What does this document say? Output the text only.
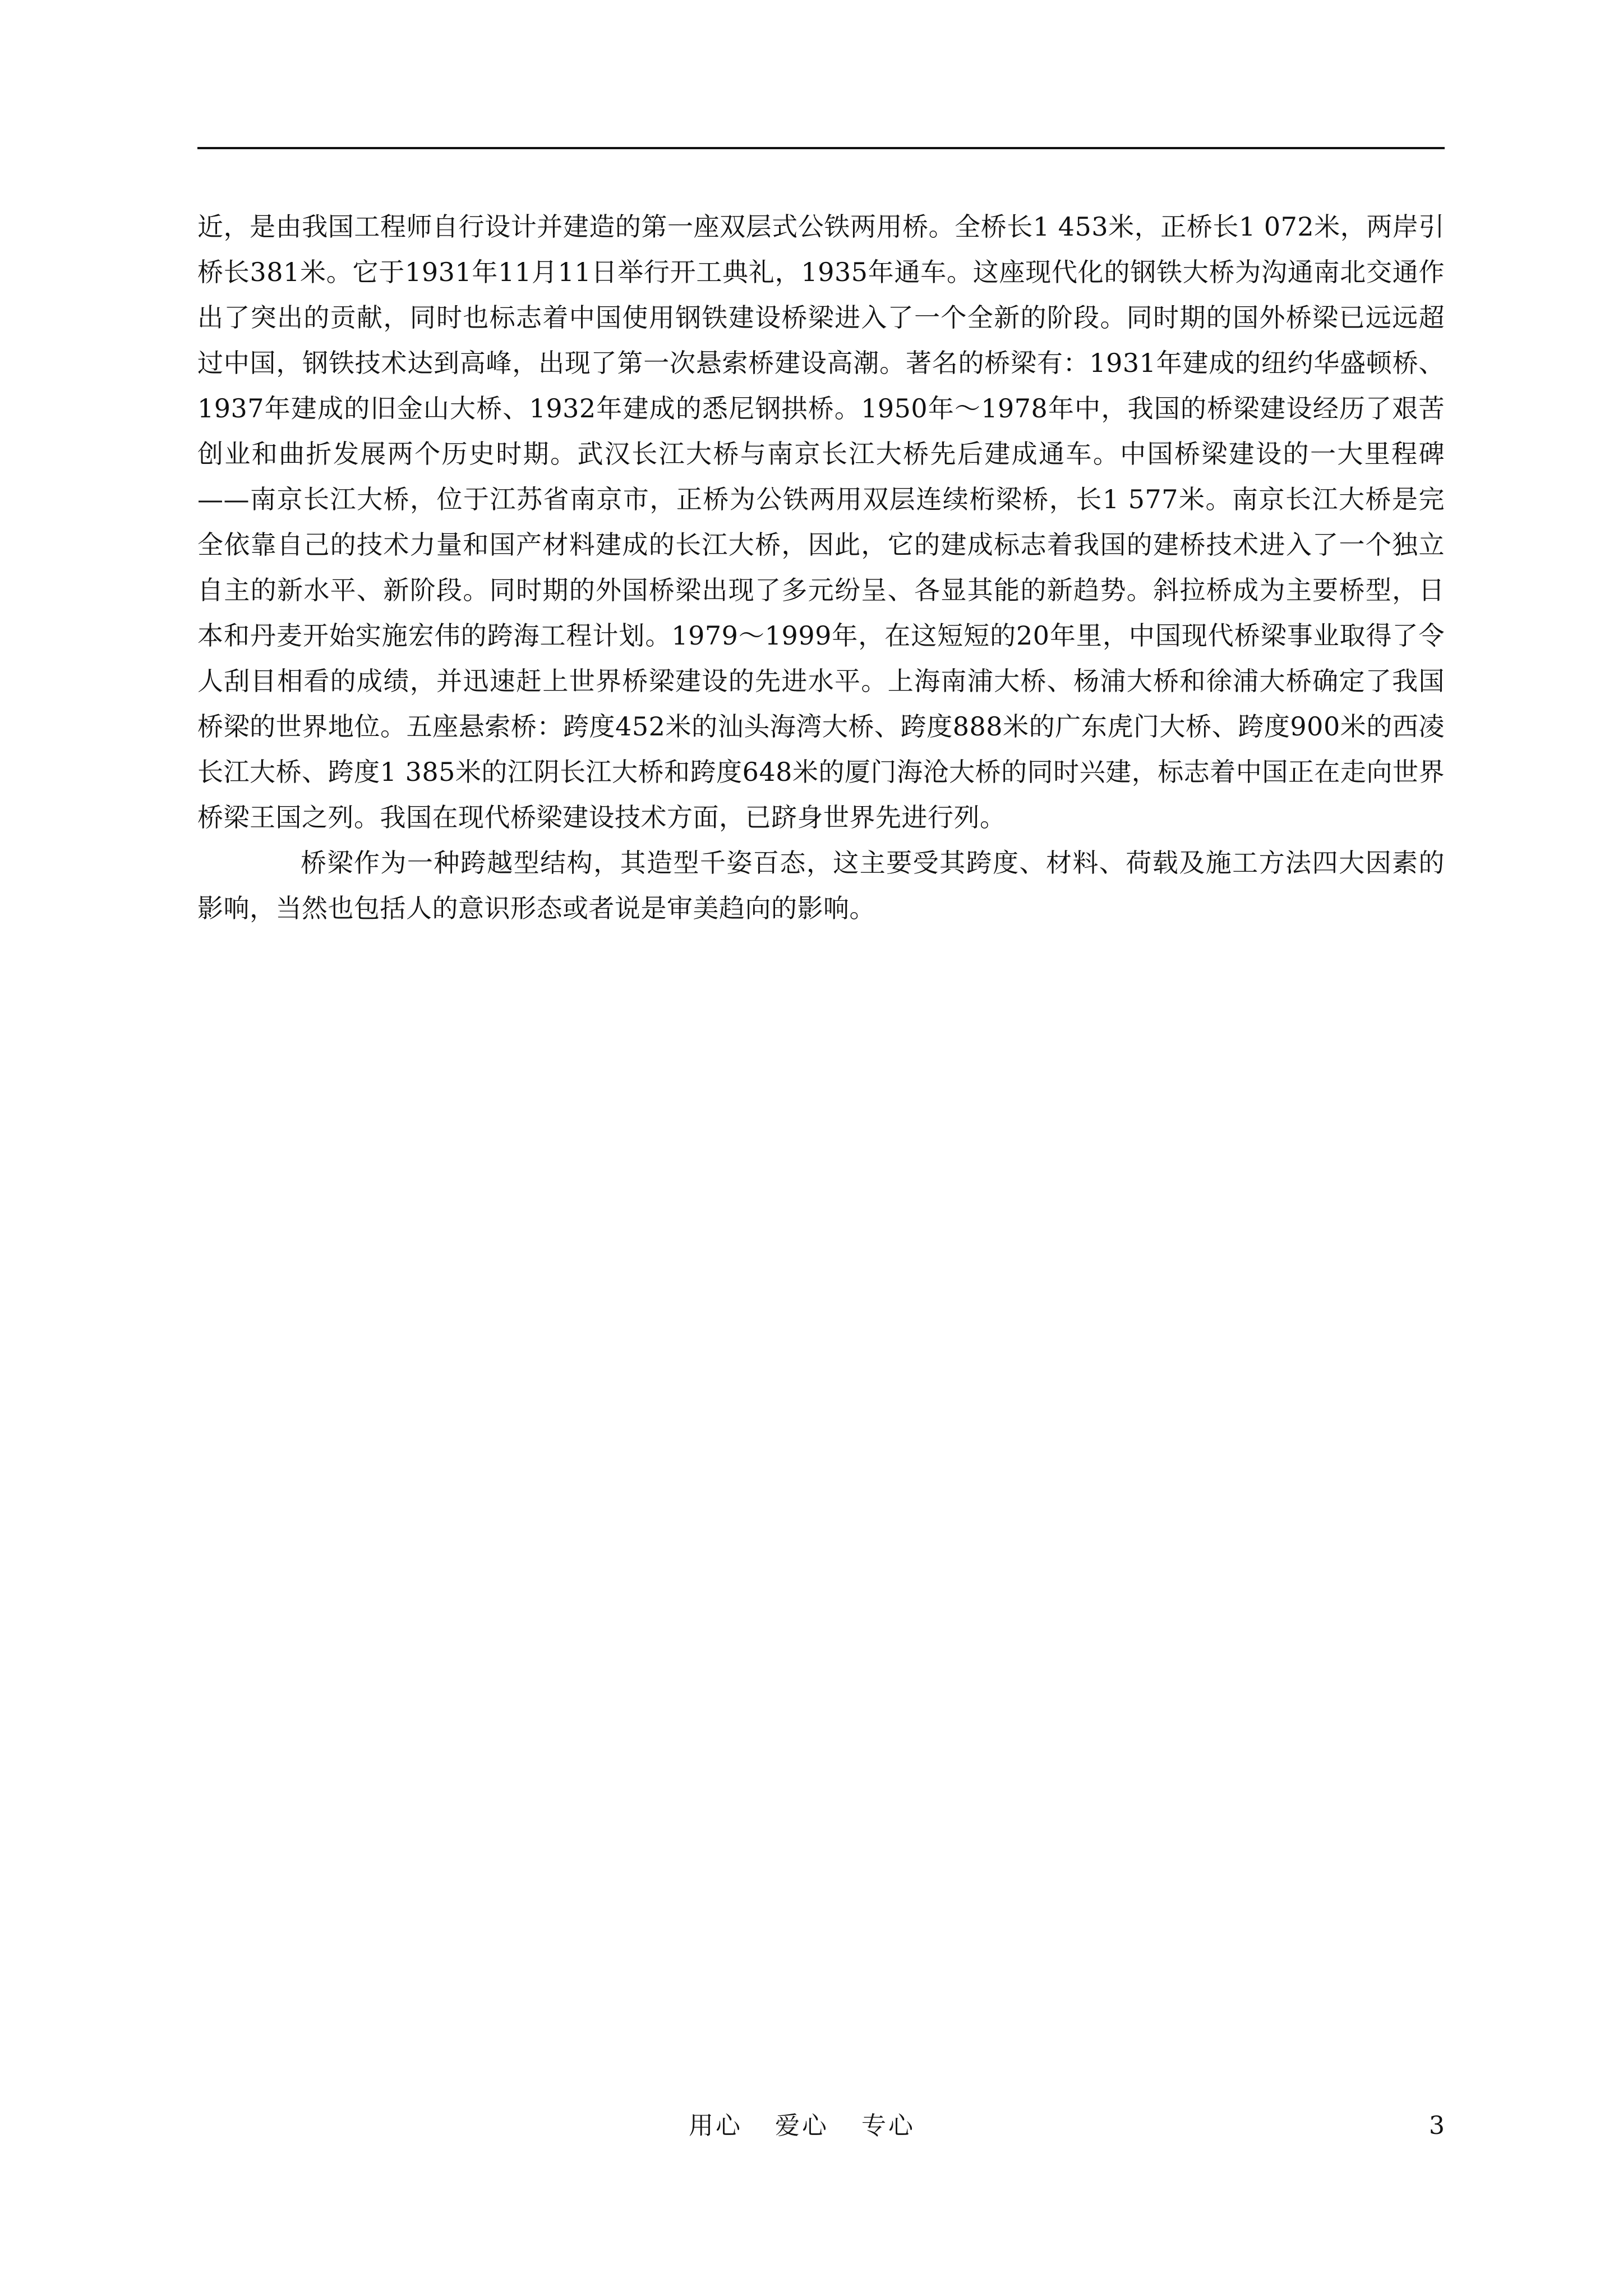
近，是由我国工程师自行设计并建造的第一座双层式公铁两用桥。全桥长1 453米，正桥长1 072米，两岸引桥长381米。它于1931年11月11日举行开工典礼，1935年通车。这座现代化的钢铁大桥为沟通南北交通作出了突出的贡献，同时也标志着中国使用钢铁建设桥梁进入了一个全新的阶段。同时期的国外桥梁已远远超过中国，钢铁技术达到高峰，出现了第一次悬索桥建设高潮。著名的桥梁有：1931年建成的纽约华盛顿桥、1937年建成的旧金山大桥、1932年建成的悉尼钢拱桥。1950年～1978年中，我国的桥梁建设经历了艰苦创业和曲折发展两个历史时期。武汉长江大桥与南京长江大桥先后建成通车。中国桥梁建设的一大里程碑——南京长江大桥，位于江苏省南京市，正桥为公铁两用双层连续桁梁桥，长1 577米。南京长江大桥是完全依靠自己的技术力量和国产材料建成的长江大桥，因此，它的建成标志着我国的建桥技术进入了一个独立自主的新水平、新阶段。同时期的外国桥梁出现了多元纷呈、各显其能的新趋势。斜拉桥成为主要桥型，日本和丹麦开始实施宏伟的跨海工程计划。1979～1999年，在这短短的20年里，中国现代桥梁事业取得了令人刮目相看的成绩，并迅速赶上世界桥梁建设的先进水平。上海南浦大桥、杨浦大桥和徐浦大桥确定了我国桥梁的世界地位。五座悬索桥：跨度452米的汕头海湾大桥、跨度888米的广东虎门大桥、跨度900米的西凌长江大桥、跨度1 385米的江阴长江大桥和跨度648米的厦门海沧大桥的同时兴建，标志着中国正在走向世界桥梁王国之列。我国在现代桥梁建设技术方面，已跻身世界先进行列。

桥梁作为一种跨越型结构，其造型千姿百态，这主要受其跨度、材料、荷载及施工方法四大因素的影响，当然也包括人的意识形态或者说是审美趋向的影响。

用心 爱心 专心	3
